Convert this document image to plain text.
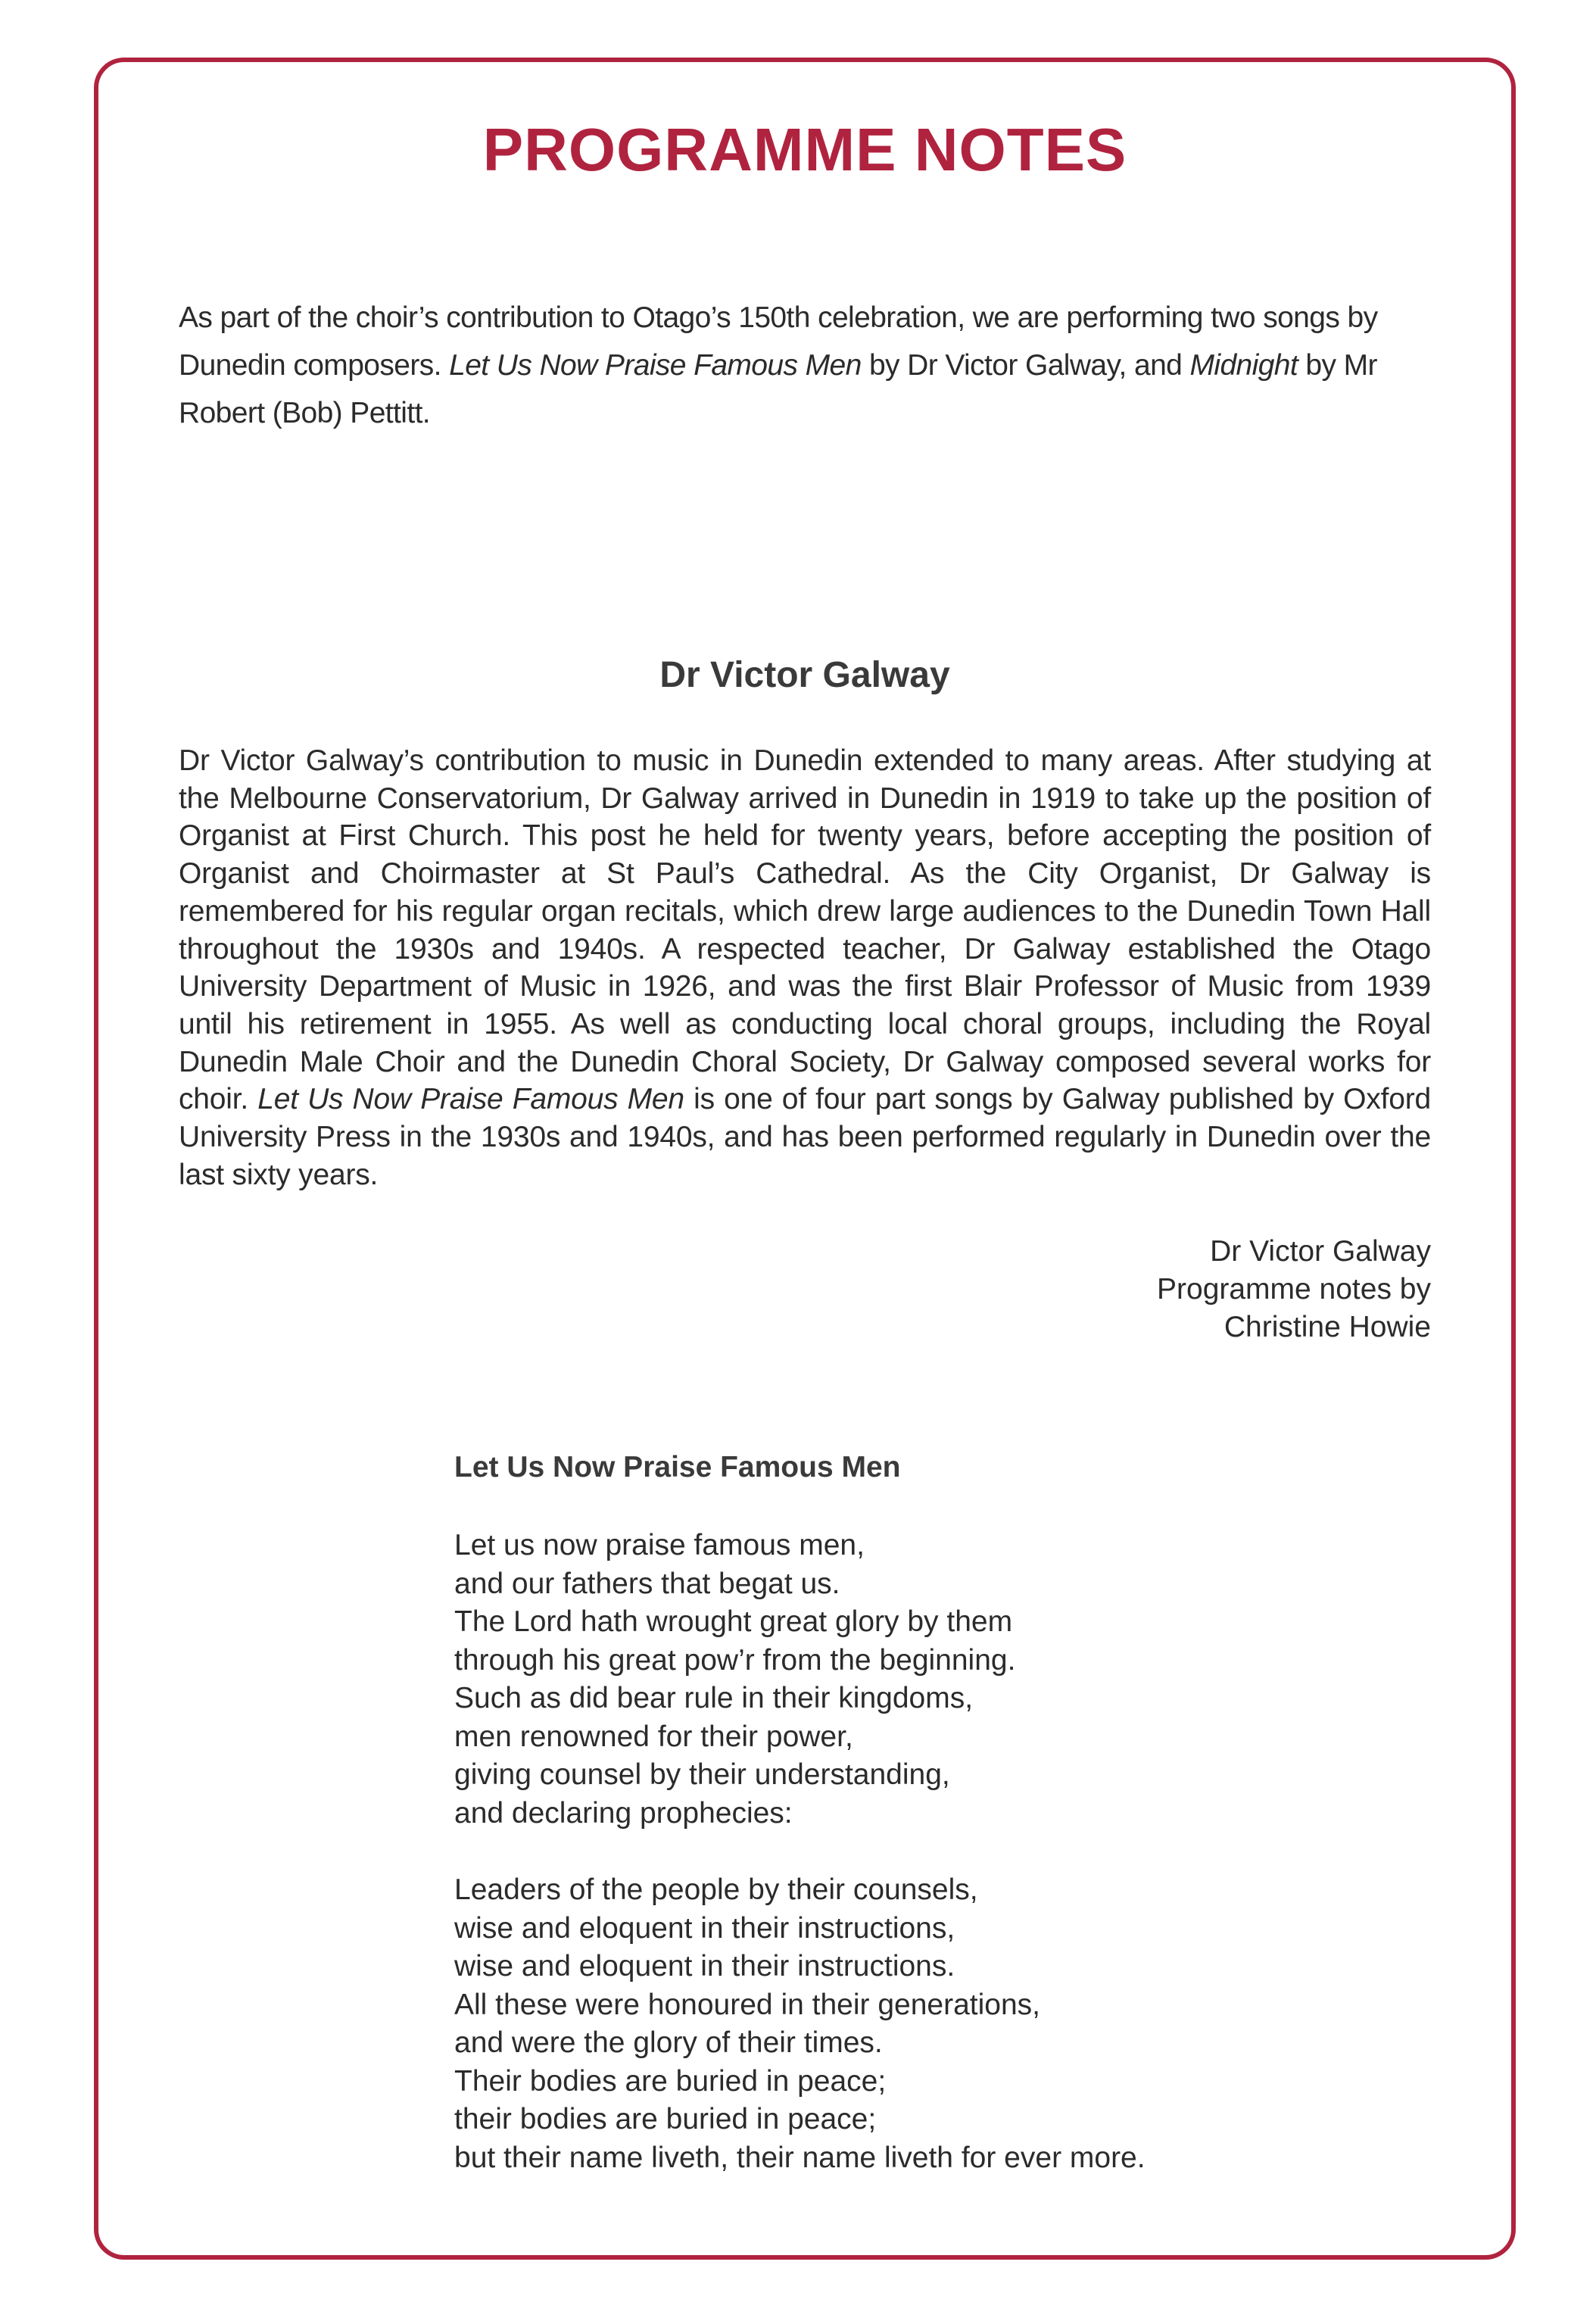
PROGRAMME NOTES

As part of the choir’s contribution to Otago’s 150th celebration, we are performing two songs by Dunedin composers. Let Us Now Praise Famous Men by Dr Victor Galway, and Midnight by Mr Robert (Bob) Pettitt.

Dr Victor Galway

Dr Victor Galway’s contribution to music in Dunedin extended to many areas. After studying at the Melbourne Conservatorium, Dr Galway arrived in Dunedin in 1919 to take up the position of Organist at First Church. This post he held for twenty years, before accepting the position of Organist and Choirmaster at St Paul’s Cathedral. As the City Organist, Dr Galway is remembered for his regular organ recitals, which drew large audiences to the Dunedin Town Hall throughout the 1930s and 1940s. A respected teacher, Dr Galway established the Otago University Department of Music in 1926, and was the first Blair Professor of Music from 1939 until his retirement in 1955. As well as conducting local choral groups, including the Royal Dunedin Male Choir and the Dunedin Choral Society, Dr Galway composed several works for choir. Let Us Now Praise Famous Men is one of four part songs by Galway published by Oxford University Press in the 1930s and 1940s, and has been performed regularly in Dunedin over the last sixty years.

Dr Victor Galway
Programme notes by
Christine Howie

Let Us Now Praise Famous Men

Let us now praise famous men,
and our fathers that begat us.
The Lord hath wrought great glory by them
through his great pow’r from the beginning.
Such as did bear rule in their kingdoms,
men renowned for their power,
giving counsel by their understanding,
and declaring prophecies:

Leaders of the people by their counsels,
wise and eloquent in their instructions,
wise and eloquent in their instructions.
All these were honoured in their generations,
and were the glory of their times.
Their bodies are buried in peace;
their bodies are buried in peace;
but their name liveth, their name liveth for ever more.
